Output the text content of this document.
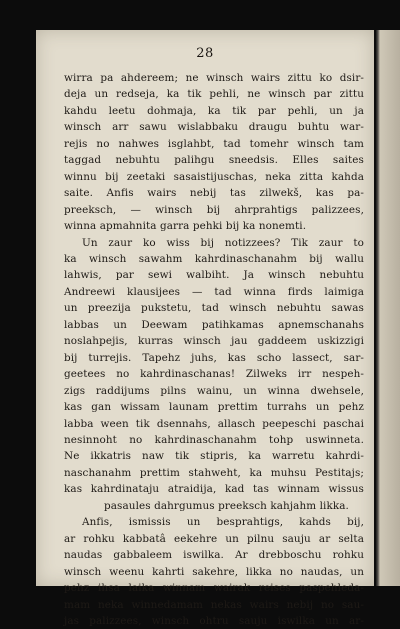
28
wirra pa ahdereem; ne winsch wairs zittu ko dsir-
deja un redseja, ka tik pehli, ne winsch par zittu
kahdu leetu dohmaja, ka tik par pehli, un ja
winsch arr sawu wislabbaku draugu buhtu war-
rejis no nahwes isglahbt, tad tomehr winsch tam
taggad nebuhtu palihgu sneedsis. Elles saites
winnu bij zeetaki sasaistijuschas, neka zitta kahda
saite. Anfis wairs nebij tas zilwekš, kas pa-
preeksch, — winsch bij ahrprahtigs palizzees,
winna apmahnita garra pehki bij ka nonemti.
Un zaur ko wiss bij notizzees? Tik zaur to
ka winsch sawahm kahrdinaschanahm bij wallu
lahwis, par sewi walbiht. Ja winsch nebuhtu
Andreewi klausijees — tad winna firds laimiga
un preezija pukstetu, tad winsch nebuhtu sawas
labbas un Deewam patihkamas apnemschanahs
noslahpejis, kurras winsch jau gaddeem uskizzigi
bij turrejis. Tapehz juhs, kas scho lassect, sar-
geetees no kahrdinaschanas! Zilweks irr nespeh-
zigs raddijums pilns wainu, un winna dwehsele,
kas gan wissam launam prettim turrahs un pehz
labba ween tik dsennahs, allasch peepeschi paschai
nesinnoht no kahrdinaschanahm tohp uswinneta.
Ne ikkatris naw tik stipris, ka warretu kahrdi-
naschanahm prettim stahweht, ka muhsu Pestitajs;
kas kahrdinataju atraidija, kad tas winnam wissus
pasaules dahrgumus preeksch kahjahm likka.
Anfis, ismissis un besprahtigs, kahds bij,
ar rohku kabbatâ eekehre un pilnu sauju ar selta
naudas gabbaleem iswilka. Ar drebboschu rohku
winsch weenu kahrti sakehre, likka no naudas, un
pehz ihsa laika winnam wairak reises paspehleda-
mam neka winnedamam nekas wairs nebij no sau-
jas palizzees, winsch ohtru sauju iswilka un ar-
